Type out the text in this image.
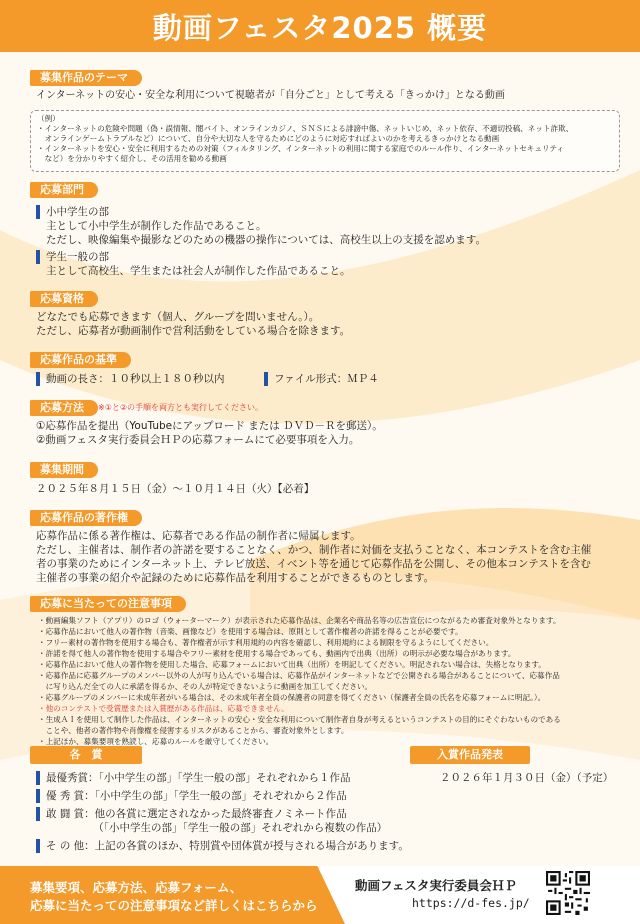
動画フェスタ2025 概要
募集作品のテーマ
インターネットの安心・安全な利用について視聴者が「自分ごと」として考える「きっかけ」となる動画
（例）
・インターネットの危険や問題（偽・誤情報、闇バイト、オンラインカジノ、ＳＮＳによる誹謗中傷、ネットいじめ、ネット依存、不適切投稿、ネット詐欺、
　オンラインゲームトラブルなど）について、自分や大切な人を守るためにどのように対応すればよいのかを考えるきっかけとなる動画
・インターネットを安心・安全に利用するための対策（フィルタリング、インターネットの利用に関する家庭でのルール作り、インターネットセキュリティ
　など）を分かりやすく紹介し、その活用を勧める動画
応募部門
小中学生の部
主として小中学生が制作した作品であること。
ただし、映像編集や撮影などのための機器の操作については、高校生以上の支援を認めます。
学生一般の部
主として高校生、学生または社会人が制作した作品であること。
応募資格
どなたでも応募できます（個人、グループを問いません。）。
ただし、応募者が動画制作で営利活動をしている場合を除きます。
応募作品の基準
動画の長さ：１０秒以上１８０秒以内	ファイル形式：ＭＰ４
応募方法	※①と②の手順を両方とも実行してください。
①応募作品を提出（YouTubeにアップロード または ＤＶＤ－Ｒを郵送）。
②動画フェスタ実行委員会ＨＰの応募フォームにて必要事項を入力。
募集期間
２０２５年８月１５日（金）～１０月１４日（火）【必着】
応募作品の著作権
応募作品に係る著作権は、応募者である作品の制作者に帰属します。
ただし、主催者は、制作者の許諾を要することなく、かつ、制作者に対価を支払うことなく、本コンテストを含む主催
者の事業のためにインターネット上、テレビ放送、イベント等を通じて応募作品を公開し、その他本コンテストを含む
主催者の事業の紹介や記録のために応募作品を利用することができるものとします。
応募に当たっての注意事項
・動画編集ソフト（アプリ）のロゴ（ウォーターマーク）が表示された応募作品は、企業名や商品名等の広告宣伝につながるため審査対象外となります。
・応募作品において他人の著作物（音楽、画像など）を使用する場合は、原則として著作権者の許諾を得ることが必要です。
・フリー素材の著作物を使用する場合も、著作権者が示す利用規約の内容を確認し、利用規約による制限を守るようにしてください。
・許諾を得て他人の著作物を使用する場合やフリー素材を使用する場合であっても、動画内で出典（出所）の明示が必要な場合があります。
・応募作品において他人の著作物を使用した場合、応募フォームにおいて出典（出所）を明記してください。明記されない場合は、失格となります。
・応募作品に応募グループのメンバー以外の人が写り込んでいる場合は、応募作品がインターネットなどで公開される場合があることについて、応募作品
　に写り込んだ全ての人に承諾を得るか、その人が特定できないように動画を加工してください。
・応募グループのメンバーに未成年者がいる場合は、その未成年者全員の保護者の同意を得てください（保護者全員の氏名を応募フォームに明記。）。
・他のコンテストで受賞歴または入賞歴がある作品は、応募できません。
・生成ＡＩを使用して制作した作品は、インターネットの安心・安全な利用について制作者自身が考えるというコンテストの目的にそぐわないものである
　ことや、他者の著作物や肖像権を侵害するリスクがあることから、審査対象外とします。
・上記ほか、募集要項を熟読し、応募のルールを厳守してください。
各　賞	入賞作品発表
２０２６年１月３０日（金）（予定）
最優秀賞：「小中学生の部」「学生一般の部」それぞれから１作品
優 秀 賞：「小中学生の部」「学生一般の部」それぞれから２作品
敢 闘 賞：他の各賞に選定されなかった最終審査ノミネート作品
　　　　　（「小中学生の部」「学生一般の部」それぞれから複数の作品）
そ の 他：上記の各賞のほか、特別賞や団体賞が授与される場合があります。
募集要項、応募方法、応募フォーム、
応募に当たっての注意事項など詳しくはこちらから
動画フェスタ実行委員会ＨＰ
https://d-fes.jp/
